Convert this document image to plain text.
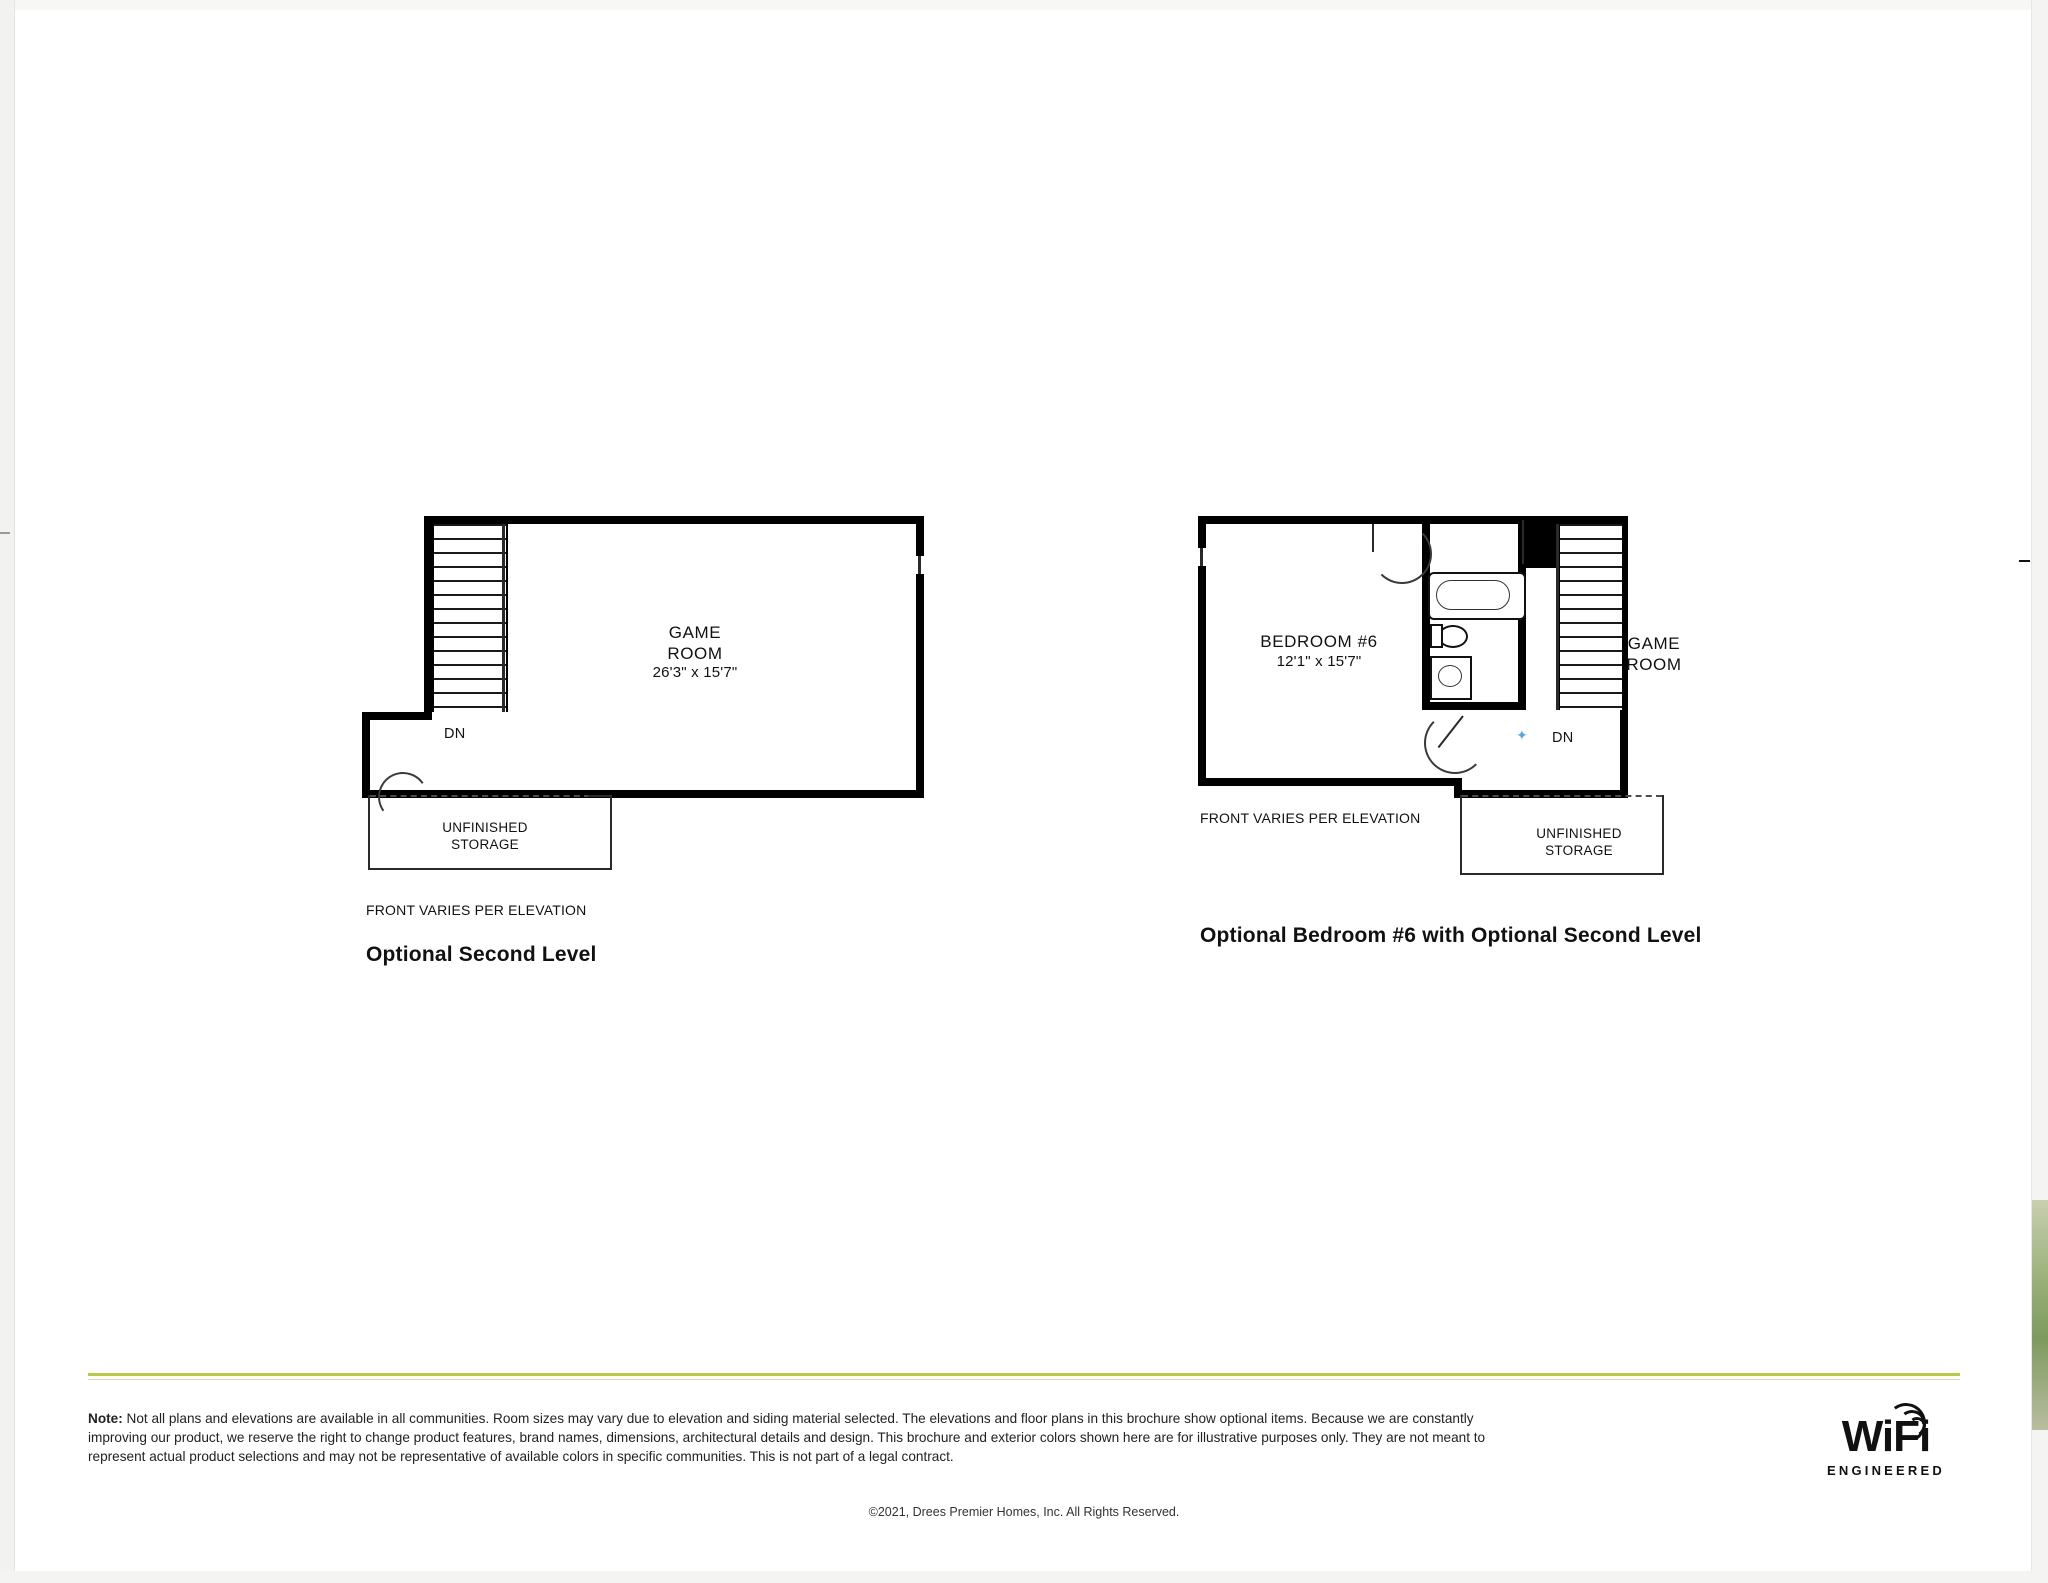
DN
GAME
ROOM
26'3" x 15'7"
UNFINISHED
STORAGE
FRONT VARIES PER ELEVATION
Optional Second Level
BEDROOM #6
12'1" x 15'7"
GAME
ROOM
DN
✦
UNFINISHED
STORAGE
FRONT VARIES PER ELEVATION
Optional Bedroom #6 with Optional Second Level
Note: Not all plans and elevations are available in all communities. Room sizes may vary due to elevation and siding material selected. The elevations and floor plans in this brochure show optional items. Because we are constantly improving our product, we reserve the right to change product features, brand names, dimensions, architectural details and design. This brochure and exterior colors shown here are for illustrative purposes only. They are not meant to represent actual product selections and may not be representative of available colors in specific communities. This is not part of a legal contract.
©2021, Drees Premier Homes, Inc. All Rights Reserved.
WiFi
ENGINEERED
